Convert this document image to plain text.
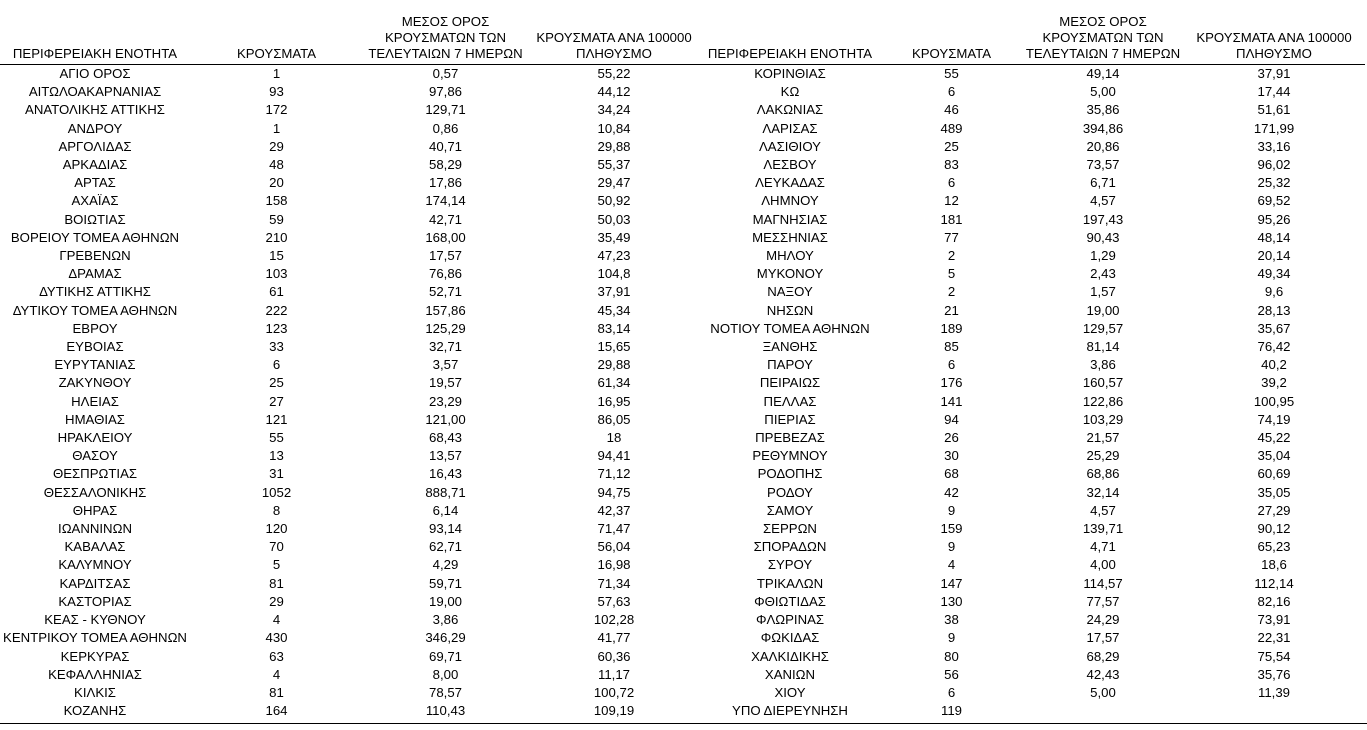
ΠΕΡΙΦΕΡΕΙΑΚΗ ΕΝΟΤΗΤΑ	ΚΡΟΥΣΜΑΤΑ	ΜΕΣΟΣ ΟΡΟΣ
ΚΡΟΥΣΜΑΤΩΝ ΤΩΝ
ΤΕΛΕΥΤΑΙΩΝ 7 ΗΜΕΡΩΝ	ΚΡΟΥΣΜΑΤΑ ΑΝΑ 100000
ΠΛΗΘΥΣΜΟ
ΑΓΙΟ ΟΡΟΣ	1	0,57	55,22
ΑΙΤΩΛΟΑΚΑΡΝΑΝΙΑΣ	93	97,86	44,12
ΑΝΑΤΟΛΙΚΗΣ ΑΤΤΙΚΗΣ	172	129,71	34,24
ΑΝΔΡΟΥ	1	0,86	10,84
ΑΡΓΟΛΙΔΑΣ	29	40,71	29,88
ΑΡΚΑΔΙΑΣ	48	58,29	55,37
ΑΡΤΑΣ	20	17,86	29,47
ΑΧΑΪΑΣ	158	174,14	50,92
ΒΟΙΩΤΙΑΣ	59	42,71	50,03
ΒΟΡΕΙΟΥ ΤΟΜΕΑ ΑΘΗΝΩΝ	210	168,00	35,49
ΓΡΕΒΕΝΩΝ	15	17,57	47,23
ΔΡΑΜΑΣ	103	76,86	104,8
ΔΥΤΙΚΗΣ ΑΤΤΙΚΗΣ	61	52,71	37,91
ΔΥΤΙΚΟΥ ΤΟΜΕΑ ΑΘΗΝΩΝ	222	157,86	45,34
ΕΒΡΟΥ	123	125,29	83,14
ΕΥΒΟΙΑΣ	33	32,71	15,65
ΕΥΡΥΤΑΝΙΑΣ	6	3,57	29,88
ΖΑΚΥΝΘΟΥ	25	19,57	61,34
ΗΛΕΙΑΣ	27	23,29	16,95
ΗΜΑΘΙΑΣ	121	121,00	86,05
ΗΡΑΚΛΕΙΟΥ	55	68,43	18
ΘΑΣΟΥ	13	13,57	94,41
ΘΕΣΠΡΩΤΙΑΣ	31	16,43	71,12
ΘΕΣΣΑΛΟΝΙΚΗΣ	1052	888,71	94,75
ΘΗΡΑΣ	8	6,14	42,37
ΙΩΑΝΝΙΝΩΝ	120	93,14	71,47
ΚΑΒΑΛΑΣ	70	62,71	56,04
ΚΑΛΥΜΝΟΥ	5	4,29	16,98
ΚΑΡΔΙΤΣΑΣ	81	59,71	71,34
ΚΑΣΤΟΡΙΑΣ	29	19,00	57,63
ΚΕΑΣ - ΚΥΘΝΟΥ	4	3,86	102,28
ΚΕΝΤΡΙΚΟΥ ΤΟΜΕΑ ΑΘΗΝΩΝ	430	346,29	41,77
ΚΕΡΚΥΡΑΣ	63	69,71	60,36
ΚΕΦΑΛΛΗΝΙΑΣ	4	8,00	11,17
ΚΙΛΚΙΣ	81	78,57	100,72
ΚΟΖΑΝΗΣ	164	110,43	109,19
ΠΕΡΙΦΕΡΕΙΑΚΗ ΕΝΟΤΗΤΑ	ΚΡΟΥΣΜΑΤΑ	ΜΕΣΟΣ ΟΡΟΣ
ΚΡΟΥΣΜΑΤΩΝ ΤΩΝ
ΤΕΛΕΥΤΑΙΩΝ 7 ΗΜΕΡΩΝ	ΚΡΟΥΣΜΑΤΑ ΑΝΑ 100000
ΠΛΗΘΥΣΜΟ
ΚΟΡΙΝΘΙΑΣ	55	49,14	37,91
ΚΩ	6	5,00	17,44
ΛΑΚΩΝΙΑΣ	46	35,86	51,61
ΛΑΡΙΣΑΣ	489	394,86	171,99
ΛΑΣΙΘΙΟΥ	25	20,86	33,16
ΛΕΣΒΟΥ	83	73,57	96,02
ΛΕΥΚΑΔΑΣ	6	6,71	25,32
ΛΗΜΝΟΥ	12	4,57	69,52
ΜΑΓΝΗΣΙΑΣ	181	197,43	95,26
ΜΕΣΣΗΝΙΑΣ	77	90,43	48,14
ΜΗΛΟΥ	2	1,29	20,14
ΜΥΚΟΝΟΥ	5	2,43	49,34
ΝΑΞΟΥ	2	1,57	9,6
ΝΗΣΩΝ	21	19,00	28,13
ΝΟΤΙΟΥ ΤΟΜΕΑ ΑΘΗΝΩΝ	189	129,57	35,67
ΞΑΝΘΗΣ	85	81,14	76,42
ΠΑΡΟΥ	6	3,86	40,2
ΠΕΙΡΑΙΩΣ	176	160,57	39,2
ΠΕΛΛΑΣ	141	122,86	100,95
ΠΙΕΡΙΑΣ	94	103,29	74,19
ΠΡΕΒΕΖΑΣ	26	21,57	45,22
ΡΕΘΥΜΝΟΥ	30	25,29	35,04
ΡΟΔΟΠΗΣ	68	68,86	60,69
ΡΟΔΟΥ	42	32,14	35,05
ΣΑΜΟΥ	9	4,57	27,29
ΣΕΡΡΩΝ	159	139,71	90,12
ΣΠΟΡΑΔΩΝ	9	4,71	65,23
ΣΥΡΟΥ	4	4,00	18,6
ΤΡΙΚΑΛΩΝ	147	114,57	112,14
ΦΘΙΩΤΙΔΑΣ	130	77,57	82,16
ΦΛΩΡΙΝΑΣ	38	24,29	73,91
ΦΩΚΙΔΑΣ	9	17,57	22,31
ΧΑΛΚΙΔΙΚΗΣ	80	68,29	75,54
ΧΑΝΙΩΝ	56	42,43	35,76
ΧΙΟΥ	6	5,00	11,39
ΥΠΟ ΔΙΕΡΕΥΝΗΣΗ	119		
